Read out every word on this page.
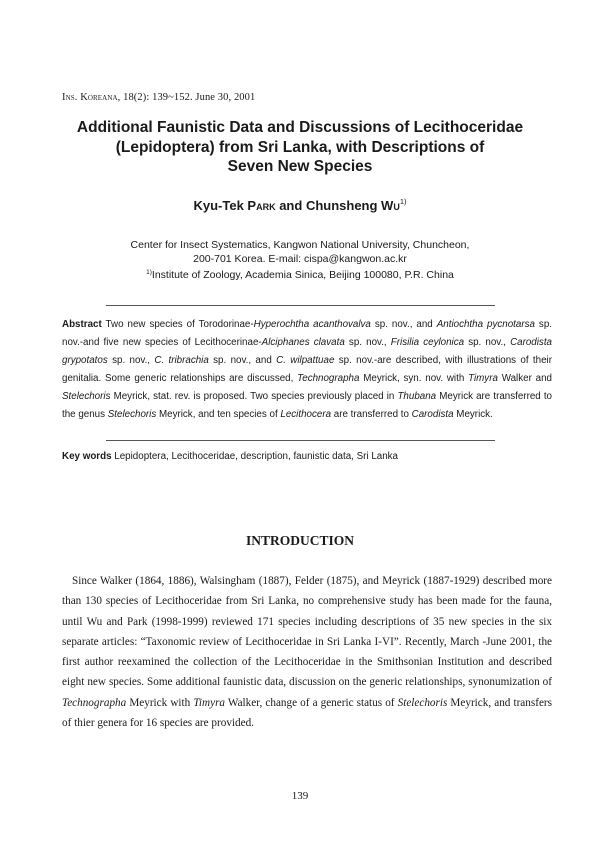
Ins. Koreana, 18(2): 139~152. June 30, 2001
Additional Faunistic Data and Discussions of Lecithoceridae
(Lepidoptera) from Sri Lanka, with Descriptions of
Seven New Species
Kyu-Tek Park and Chunsheng Wu$^{1)}$
Center for Insect Systematics, Kangwon National University, Chuncheon,
200-701 Korea. E-mail: cispa@kangwon.ac.kr
$^{1)}$Institute of Zoology, Academia Sinica, Beijing 100080, P.R. China
Abstract Two new species of Torodorinae-Hyperochtha acanthovalva sp. nov., and Antiochtha pycnotarsa sp. nov.-and five new species of Lecithocerinae-Alciphanes clavata sp. nov., Frisilia ceylonica sp. nov., Carodista grypotatos sp. nov., C. tribrachia sp. nov., and C. wilpattuae sp. nov.-are described, with illustrations of their genitalia. Some generic relationships are discussed, Technographa Meyrick, syn. nov. with Timyra Walker and Stelechoris Meyrick, stat. rev. is proposed. Two species previously placed in Thubana Meyrick are transferred to the genus Stelechoris Meyrick, and ten species of Lecithocera are transferred to Carodista Meyrick.
Key words Lepidoptera, Lecithoceridae, description, faunistic data, Sri Lanka
INTRODUCTION
Since Walker (1864, 1886), Walsingham (1887), Felder (1875), and Meyrick (1887-1929) described more than 130 species of Lecithoceridae from Sri Lanka, no comprehensive study has been made for the fauna, until Wu and Park (1998-1999) reviewed 171 species including descriptions of 35 new species in the six separate articles: “Taxonomic review of Lecithoceridae in Sri Lanka I-VI”. Recently, March -June 2001, the first author reexamined the collection of the Lecithoceridae in the Smithsonian Institution and described eight new species. Some additional faunistic data, discussion on the generic relationships, synonumization of Technographa Meyrick with Timyra Walker, change of a generic status of Stelechoris Meyrick, and transfers of thier genera for 16 species are provided.
139
